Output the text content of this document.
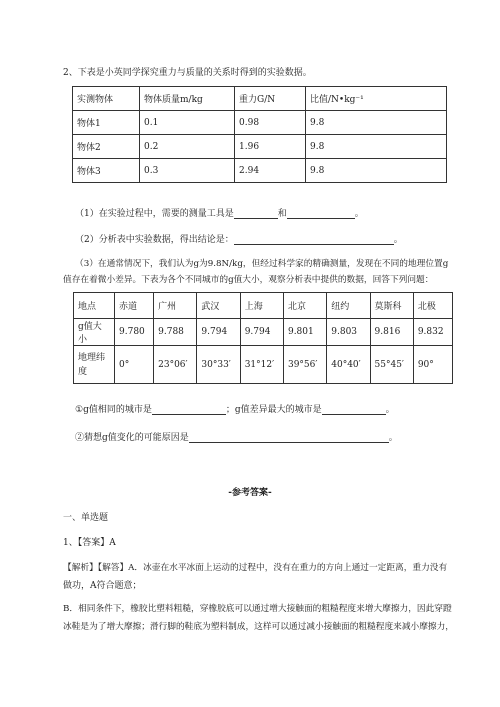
2、下表是小英同学探究重力与质量的关系时得到的实验数据。
实测物体	物体质量m/kg	重力G/N	比值/N•kg⁻¹
物体1	0.1	0.98	9.8
物体2	0.2	1.96	9.8
物体3	0.3	2.94	9.8
（1）在实验过程中，需要的测量工具是	和	。
（2）分析表中实验数据，得出结论是：	。
（3）在通常情况下，我们认为g为9.8N/kg，但经过科学家的精确测量，发现在不同的地理位置g
值存在着微小差异。下表为各个不同城市的g值大小，观察分析表中提供的数据，回答下列问题：
地点	赤道	广州	武汉	上海	北京	纽约	莫斯科	北极
g值大小	9.780	9.788	9.794	9.794	9.801	9.803	9.816	9.832
地理纬度	0°	23°06′	30°33′	31°12′	39°56′	40°40′	55°45′	90°
①g值相同的城市是	；g值差异最大的城市是	。
②猜想g值变化的可能原因是	。
-参考答案-
一、单选题
1、【答案】A
【解析】【解答】A．冰壶在水平冰面上运动的过程中，没有在重力的方向上通过一定距离，重力没有
做功，A符合题意；
B．相同条件下，橡胶比塑料粗糙，穿橡胶底可以通过增大接触面的粗糙程度来增大摩擦力，因此穿蹬
冰鞋是为了增大摩擦；滑行脚的鞋底为塑料制成，这样可以通过减小接触面的粗糙程度来减小摩擦力，
